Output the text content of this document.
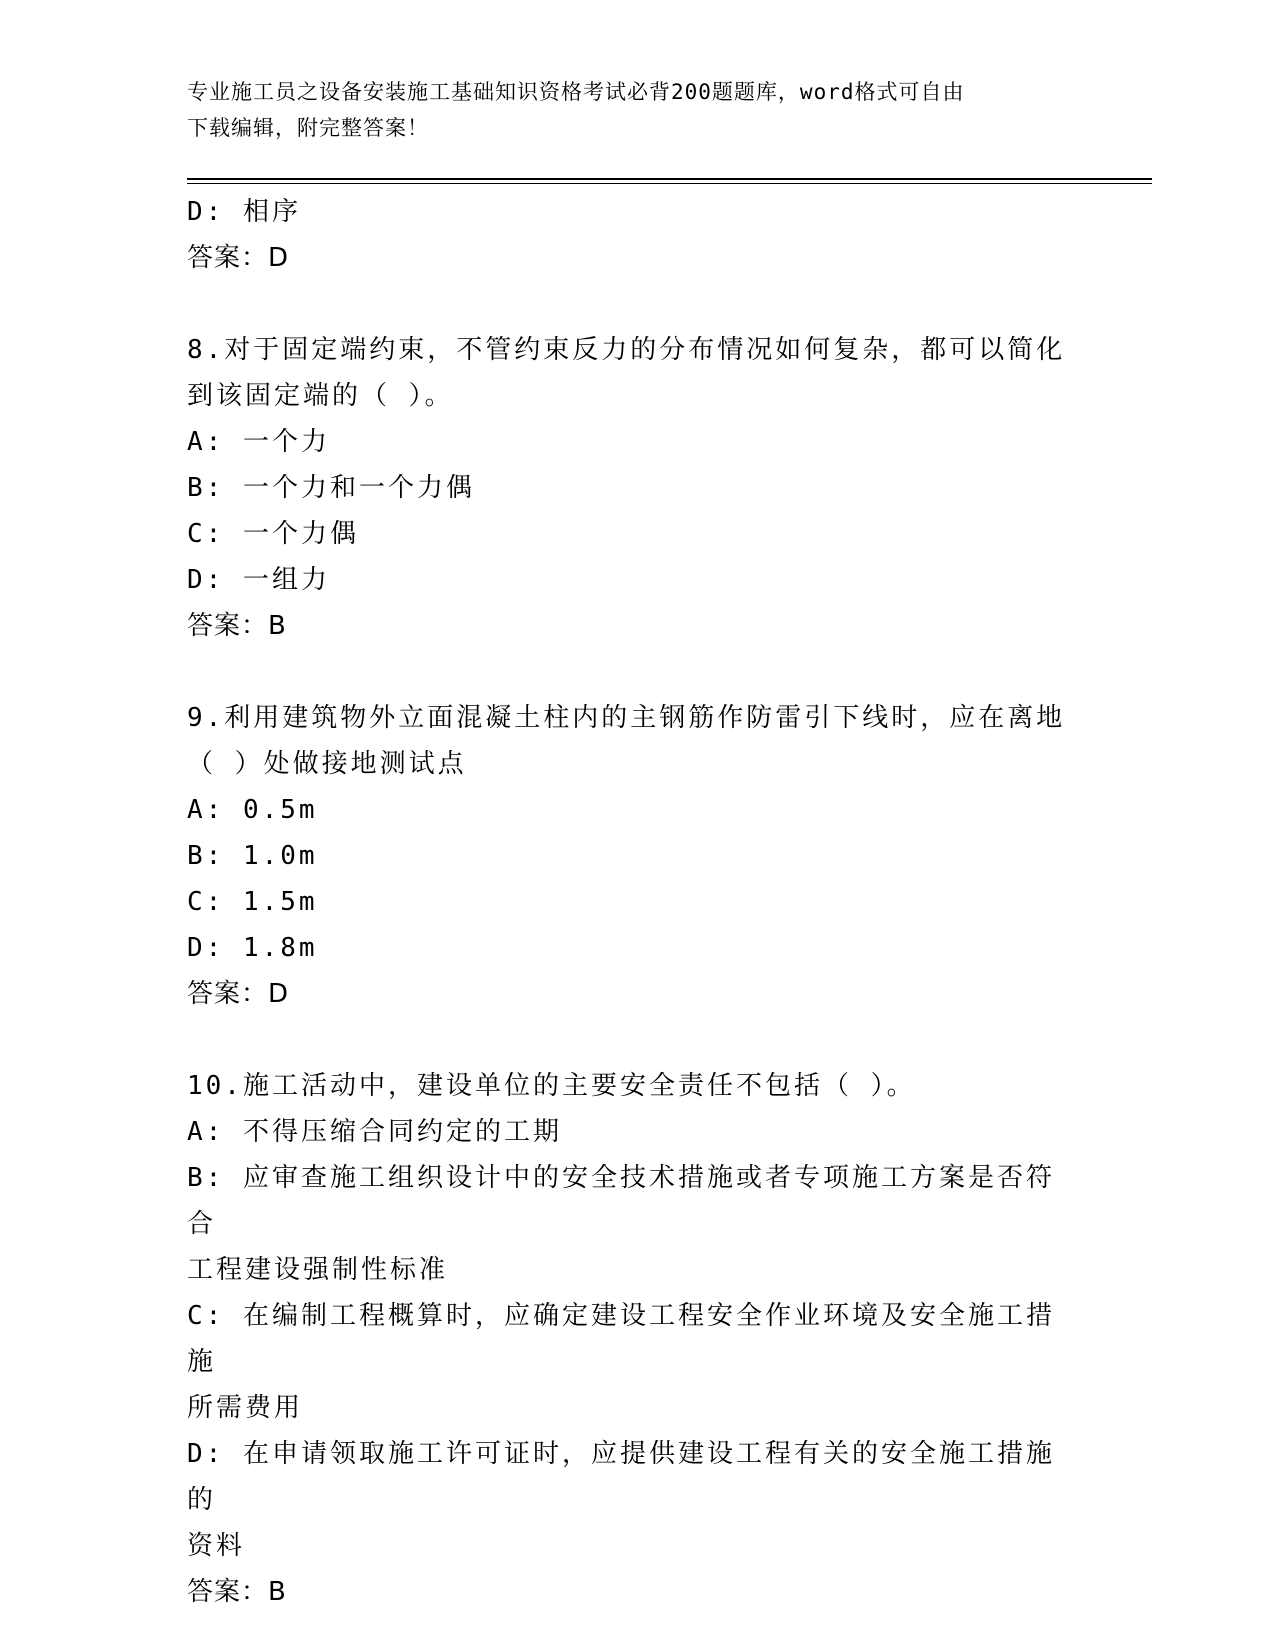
专业施工员之设备安装施工基础知识资格考试必背200题题库，word格式可自由
下载编辑，附完整答案！

D: 相序

答案：D

8.对于固定端约束，不管约束反力的分布情况如何复杂，都可以简化

到该固定端的（ ）。

A: 一个力

B: 一个力和一个力偶

C: 一个力偶

D: 一组力

答案：B

9.利用建筑物外立面混凝土柱内的主钢筋作防雷引下线时，应在离地

（ ）处做接地测试点

A: 0.5m

B: 1.0m

C: 1.5m

D: 1.8m

答案：D

10.施工活动中，建设单位的主要安全责任不包括（ ）。

A: 不得压缩合同约定的工期

B: 应审查施工组织设计中的安全技术措施或者专项施工方案是否符合

工程建设强制性标准

C: 在编制工程概算时，应确定建设工程安全作业环境及安全施工措施

所需费用

D: 在申请领取施工许可证时，应提供建设工程有关的安全施工措施的

资料

答案：B
